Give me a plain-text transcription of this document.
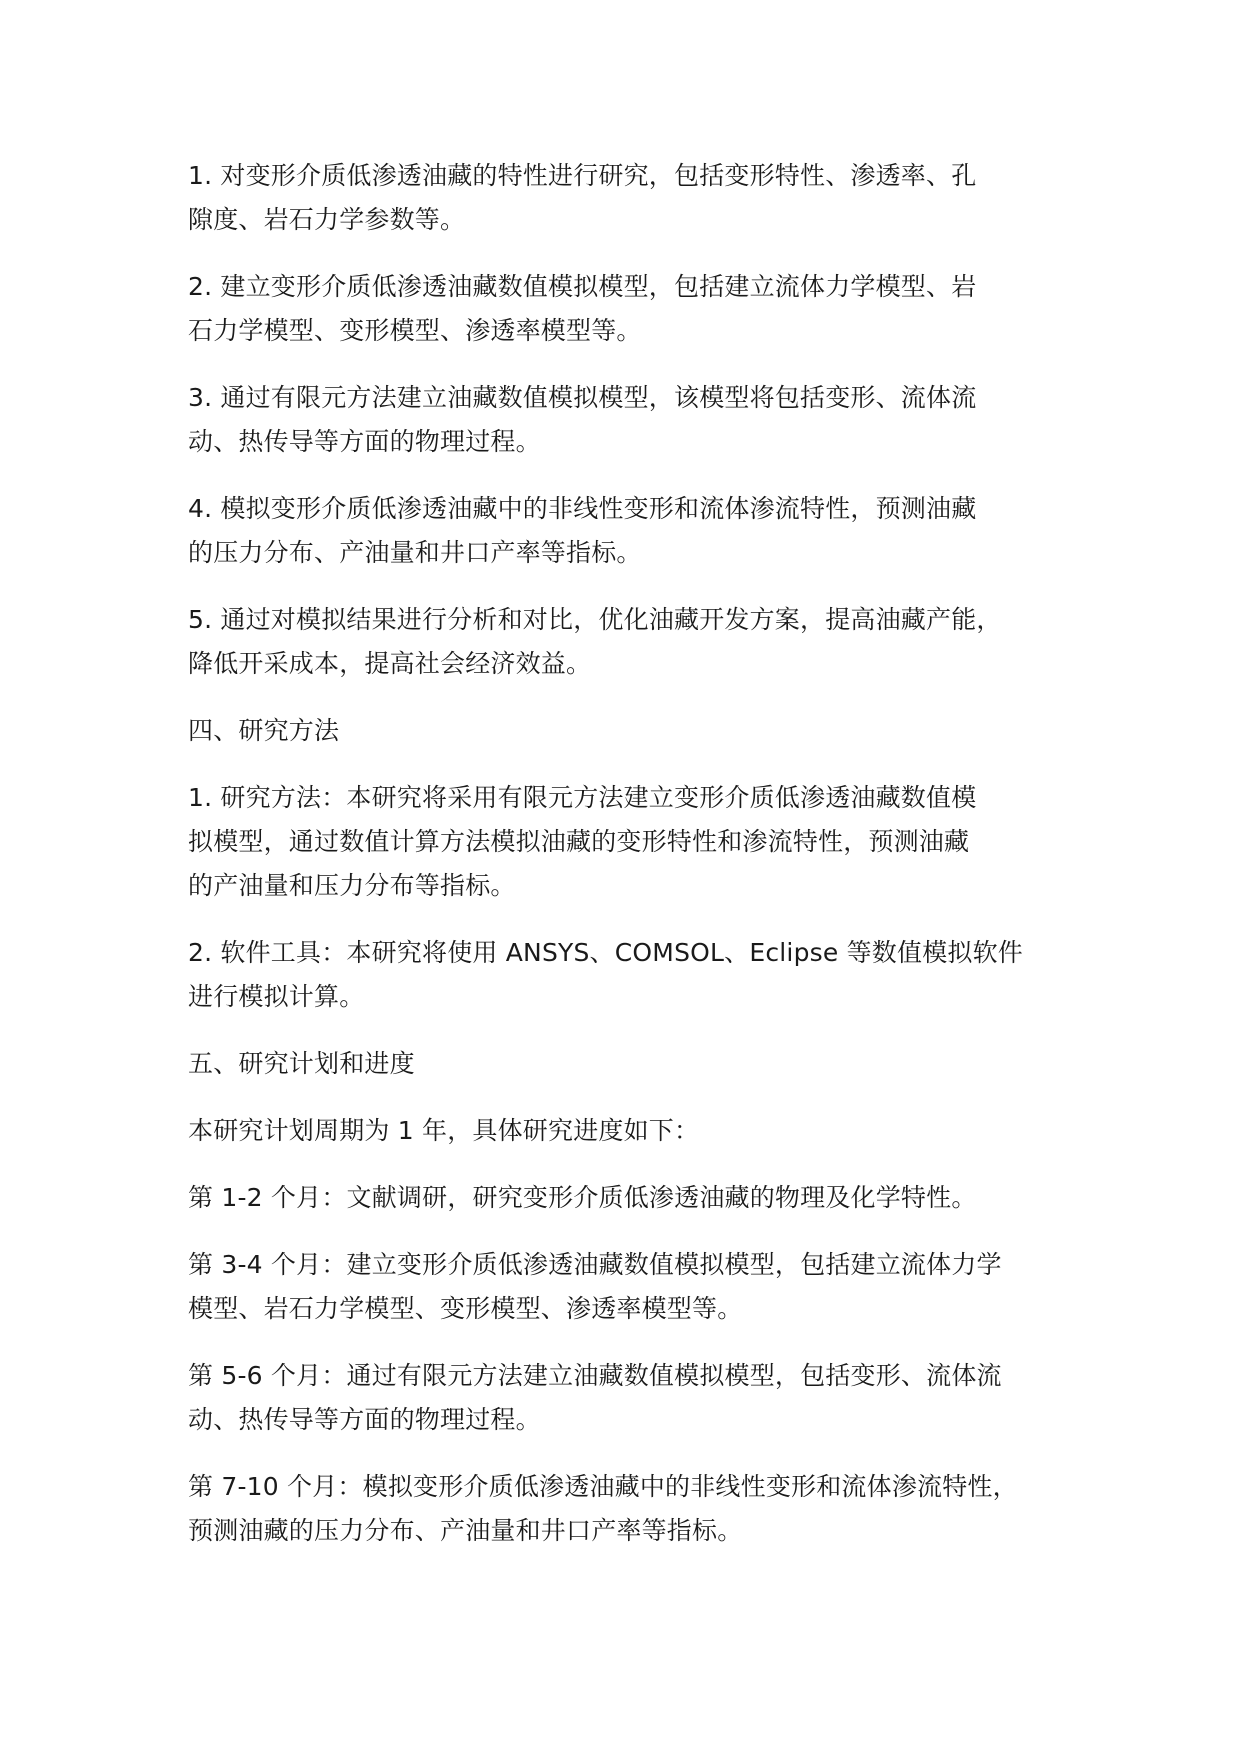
1. 对变形介质低渗透油藏的特性进行研究，包括变形特性、渗透率、孔
隙度、岩石力学参数等。

2. 建立变形介质低渗透油藏数值模拟模型，包括建立流体力学模型、岩
石力学模型、变形模型、渗透率模型等。

3. 通过有限元方法建立油藏数值模拟模型，该模型将包括变形、流体流
动、热传导等方面的物理过程。

4. 模拟变形介质低渗透油藏中的非线性变形和流体渗流特性，预测油藏
的压力分布、产油量和井口产率等指标。

5. 通过对模拟结果进行分析和对比，优化油藏开发方案，提高油藏产能，
降低开采成本，提高社会经济效益。

四、研究方法

1. 研究方法：本研究将采用有限元方法建立变形介质低渗透油藏数值模
拟模型，通过数值计算方法模拟油藏的变形特性和渗流特性，预测油藏
的产油量和压力分布等指标。

2. 软件工具：本研究将使用 ANSYS、COMSOL、Eclipse 等数值模拟软件
进行模拟计算。

五、研究计划和进度

本研究计划周期为 1 年，具体研究进度如下：

第 1-2 个月：文献调研，研究变形介质低渗透油藏的物理及化学特性。

第 3-4 个月：建立变形介质低渗透油藏数值模拟模型，包括建立流体力学
模型、岩石力学模型、变形模型、渗透率模型等。

第 5-6 个月：通过有限元方法建立油藏数值模拟模型，包括变形、流体流
动、热传导等方面的物理过程。

第 7-10 个月：模拟变形介质低渗透油藏中的非线性变形和流体渗流特性，
预测油藏的压力分布、产油量和井口产率等指标。
